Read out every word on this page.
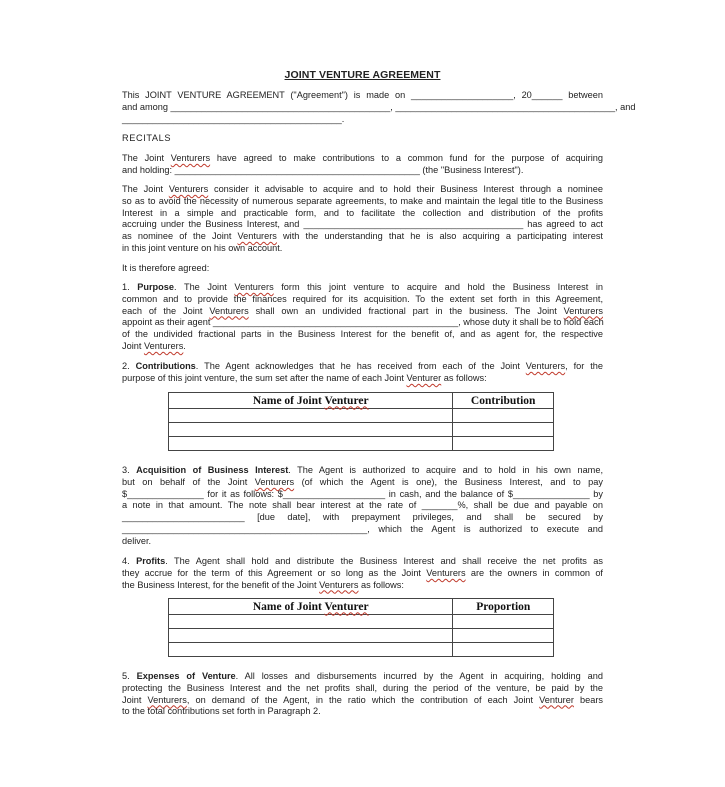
JOINT VENTURE AGREEMENT
This JOINT VENTURE AGREEMENT ("Agreement") is made on ____________________, 20______ between
and among ___________________________________________, ___________________________________________, and
___________________________________________.
RECITALS
The Joint Venturers have agreed to make contributions to a common fund for the purpose of acquiring
and holding: ________________________________________________ (the "Business Interest").
The Joint Venturers consider it advisable to acquire and to hold their Business Interest through a nominee
so as to avoid the necessity of numerous separate agreements, to make and maintain the legal title to the Business
Interest in a simple and practicable form, and to facilitate the collection and distribution of the profits
accruing under the Business Interest, and ___________________________________________ has agreed to act
as nominee of the Joint Venturers with the understanding that he is also acquiring a participating interest
in this joint venture on his own account.
It is therefore agreed:
1. Purpose. The Joint Venturers form this joint venture to acquire and hold the Business Interest in
common and to provide the finances required for its acquisition. To the extent set forth in this Agreement,
each of the Joint Venturers shall own an undivided fractional part in the business. The Joint Venturers
appoint as their agent ________________________________________________, whose duty it shall be to hold each
of the undivided fractional parts in the Business Interest for the benefit of, and as agent for, the respective
Joint Venturers.
2. Contributions. The Agent acknowledges that he has received from each of the Joint Venturers, for the
purpose of this joint venture, the sum set after the name of each Joint Venturer as follows:
Name of Joint Venturer	Contribution

3. Acquisition of Business Interest. The Agent is authorized to acquire and to hold in his own name,
but on behalf of the Joint Venturers (of which the Agent is one), the Business Interest, and to pay
$_______________ for it as follows: $____________________ in cash, and the balance of $_______________ by
a note in that amount. The note shall bear interest at the rate of _______%, shall be due and payable on
________________________ [due date], with prepayment privileges, and shall be secured by
________________________________________________, which the Agent is authorized to execute and
deliver.
4. Profits. The Agent shall hold and distribute the Business Interest and shall receive the net profits as
they accrue for the term of this Agreement or so long as the Joint Venturers are the owners in common of
the Business Interest, for the benefit of the Joint Venturers as follows:
Name of Joint Venturer	Proportion

5. Expenses of Venture. All losses and disbursements incurred by the Agent in acquiring, holding and
protecting the Business Interest and the net profits shall, during the period of the venture, be paid by the
Joint Venturers, on demand of the Agent, in the ratio which the contribution of each Joint Venturer bears
to the total contributions set forth in Paragraph 2.
